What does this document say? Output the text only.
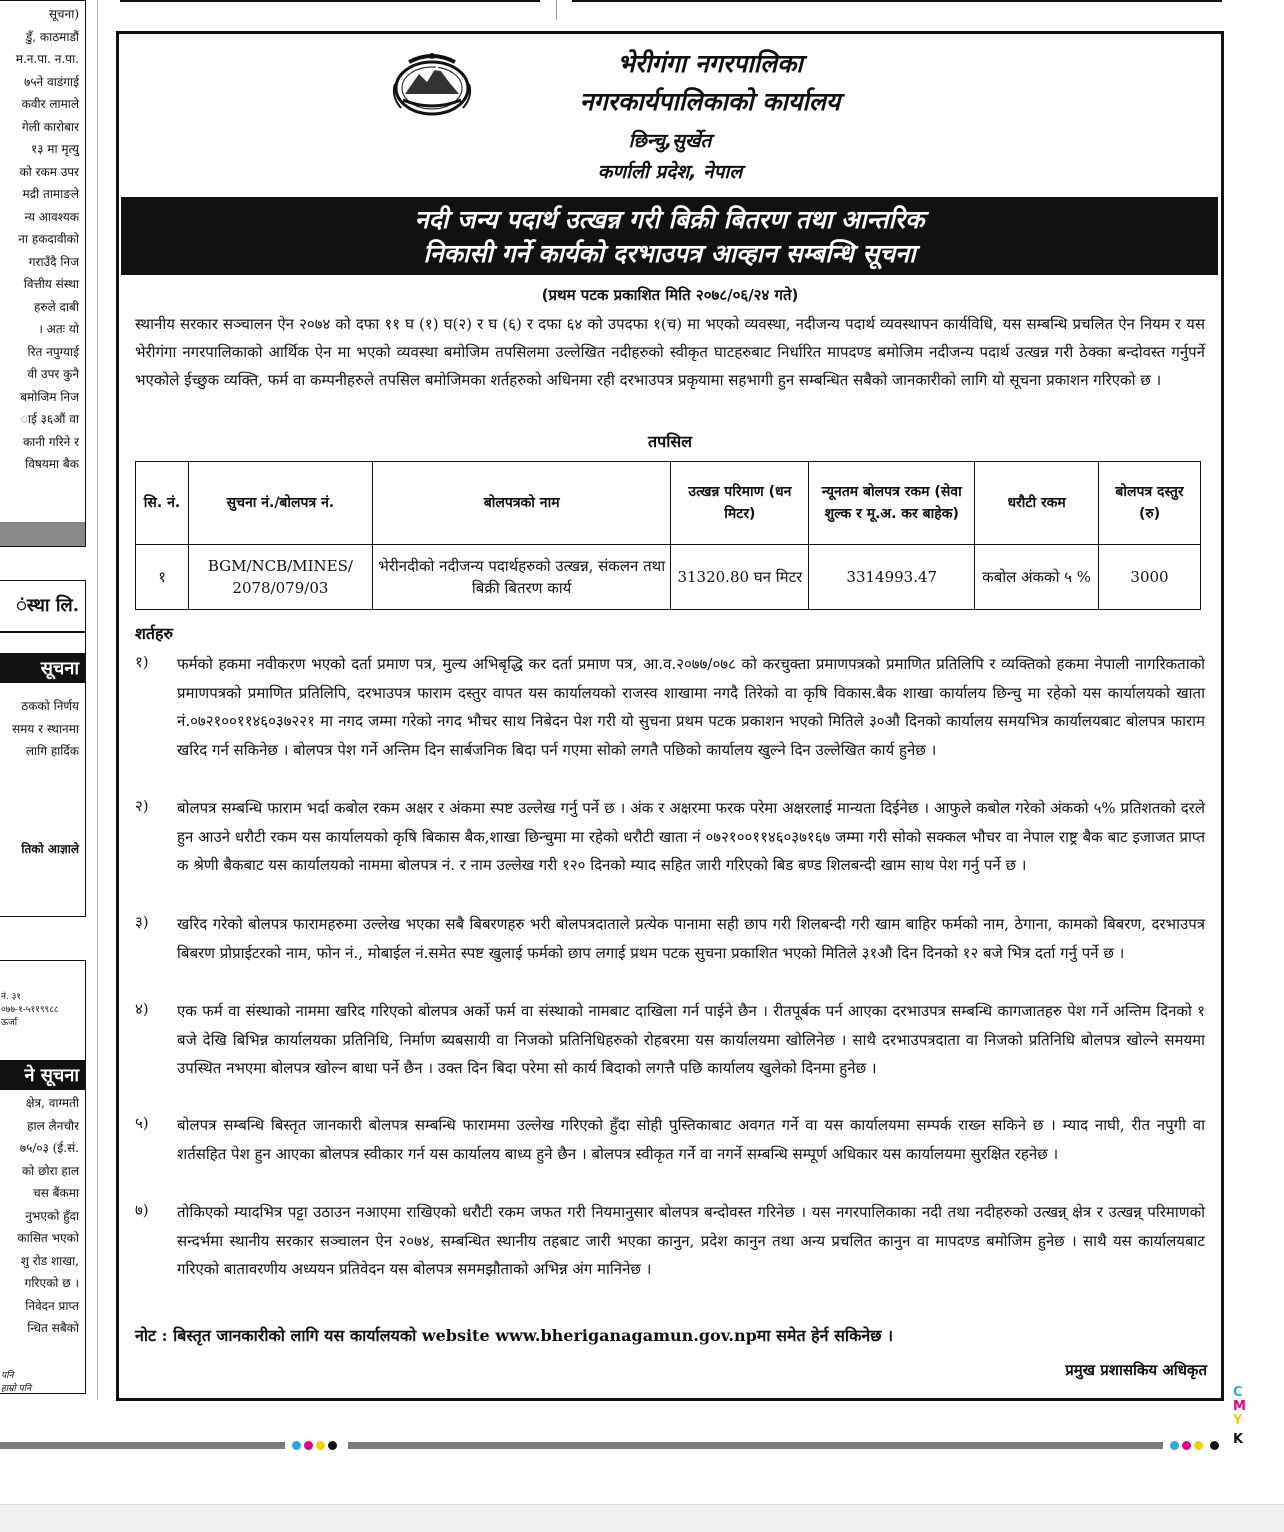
सूचना)
डुँ, काठमाडौं
म.न.पा. न.पा.
७५ने वाडंगाई
कवीर लामाले
गेली कारोबार
१३ मा मृत्यु
को रकम उपर
मद्री तामाङले
न्य आवश्यक
ना हकदावीको
गराउँदै निज
वित्तीय संस्था
हरुले दाबी
। अतः यो
रित नपुग्याई
वी उपर कुनै
बमोजिम निज
ाई ३६औं वा
कानी गरिने र
विषयमा बैक
ंस्था लि.
सूचना
ठकको निर्णय
समय र स्थानमा
लागि हार्दिक
तिको आज्ञाले
नं. ३१
०७७-१-५११९९८८
ऊर्जा
ने सूचना
क्षेत्र, वाग्मती
हाल लैनचौर
७५/०३ (ई.सं.
को छोरा हाल
चस बैंकमा
नुभएको हुँदा
कासित भएको
शु रोड शाखा,
गरिएको छ ।
निवेदन प्राप्त
न्धित सबैको
पनि
हाम्रो पनि
भेरीगंगा नगरपालिका
नगरकार्यपालिकाको कार्यालय
छिन्चु,सुर्खेत
कर्णाली प्रदेश, नेपाल
नदी जन्य पदार्थ उत्खन्न गरी बिक्री बितरण तथा आन्तरिक
निकासी गर्ने कार्यको दरभाउपत्र आव्हान सम्बन्धि सूचना
(प्रथम पटक प्रकाशित मिति २०७८/०६/२४ गते)
स्थानीय सरकार सञ्चालन ऐन २०७४ को दफा ११ घ (१) घ(२) र घ (६) र दफा ६४ को उपदफा १(च) मा भएको व्यवस्था, नदीजन्य पदार्थ व्यवस्थापन कार्यविधि, यस सम्बन्धि प्रचलित ऐन नियम र यस भेरीगंगा नगरपालिकाको आर्थिक ऐन मा भएको व्यवस्था बमोजिम तपसिलमा उल्लेखित नदीहरुको स्वीकृत घाटहरुबाट निर्धारित मापदण्ड बमोजिम नदीजन्य पदार्थ उत्खन्न गरी ठेक्का बन्दोवस्त गर्नुपर्ने भएकोले ईच्छुक व्यक्ति, फर्म वा कम्पनीहरुले तपसिल बमोजिमका शर्तहरुको अधिनमा रही दरभाउपत्र प्रकृयामा सहभागी हुन सम्बन्धित सबैको जानकारीको लागि यो सूचना प्रकाशन गरिएको छ ।
तपसिल
सि. नं.	सुचना नं./बोलपत्र नं.	बोलपत्रको नाम	उत्खन्न परिमाण (धन मिटर)	न्यूनतम बोलपत्र रकम (सेवा शुल्क र मू.अ. कर बाहेक)	धरौटी रकम	बोलपत्र दस्तुर (रु)
१	BGM/NCB/MINES/ 2078/079/03	भेरीनदीको नदीजन्य पदार्थहरुको उत्खन्न, संकलन तथा बिक्री बितरण कार्य	31320.80 घन मिटर	3314993.47	कबोल अंकको ५ %	3000
शर्तहरु
१) फर्मको हकमा नवीकरण भएको दर्ता प्रमाण पत्र, मुल्य अभिबृद्धि कर दर्ता प्रमाण पत्र, आ.व.२०७७/०७८ को करचुक्ता प्रमाणपत्रको प्रमाणित प्रतिलिपि र व्यक्तिको हकमा नेपाली नागरिकताको प्रमाणपत्रको प्रमाणित प्रतिलिपि, दरभाउपत्र फाराम दस्तुर वापत यस कार्यालयको राजस्व शाखामा नगदै तिरेको वा कृषि विकास.बैक शाखा कार्यालय छिन्चु मा रहेको यस कार्यालयको खाता नं.०७२१००११४६०३७२२१ मा नगद जम्मा गरेको नगद भौचर साथ निबेदन पेश गरी यो सुचना प्रथम पटक प्रकाशन भएको मितिले ३०औ दिनको कार्यालय समयभित्र कार्यालयबाट बोलपत्र फाराम खरिद गर्न सकिनेछ । बोलपत्र पेश गर्ने अन्तिम दिन सार्बजनिक बिदा पर्न गएमा सोको लगतै पछिको कार्यालय खुल्ने दिन उल्लेखित कार्य हुनेछ ।
२) बोलपत्र सम्बन्धि फाराम भर्दा कबोल रकम अक्षर र अंकमा स्पष्ट उल्लेख गर्नु पर्ने छ । अंक र अक्षरमा फरक परेमा अक्षरलाई मान्यता दिईनेछ । आफुले कबोल गरेको अंकको ५% प्रतिशतको दरले हुन आउने धरौटी रकम यस कार्यालयको कृषि बिकास बैक,शाखा छिन्चुमा मा रहेको धरौटी खाता नं ०७२१००११४६०३७१६७ जम्मा गरी सोको सक्कल भौचर वा नेपाल राष्ट्र बैक बाट इजाजत प्राप्त क श्रेणी बैकबाट यस कार्यालयको नाममा बोलपत्र नं. र नाम उल्लेख गरी १२० दिनको म्याद सहित जारी गरिएको बिड बण्ड शिलबन्दी खाम साथ पेश गर्नु पर्ने छ ।
३) खरिद गरेको बोलपत्र फारामहरुमा उल्लेख भएका सबै बिबरणहरु भरी बोलपत्रदाताले प्रत्येक पानामा सही छाप गरी शिलबन्दी गरी खाम बाहिर फर्मको नाम, ठेगाना, कामको बिबरण, दरभाउपत्र बिबरण प्रोप्राईटरको नाम, फोन नं., मोबाईल नं.समेत स्पष्ट खुलाई फर्मको छाप लगाई प्रथम पटक सुचना प्रकाशित भएको मितिले ३१औ दिन दिनको १२ बजे भित्र दर्ता गर्नु पर्ने छ ।
४) एक फर्म वा संस्थाको नाममा खरिद गरिएको बोलपत्र अर्को फर्म वा संस्थाको नामबाट दाखिला गर्न पाईने छैन । रीतपूर्बक पर्न आएका दरभाउपत्र सम्बन्धि कागजातहरु पेश गर्ने अन्तिम दिनको १ बजे देखि बिभिन्न कार्यालयका प्रतिनिधि, निर्माण ब्यबसायी वा निजको प्रतिनिधिहरुको रोहबरमा यस कार्यालयमा खोलिनेछ । साथै दरभाउपत्रदाता वा निजको प्रतिनिधि बोलपत्र खोल्ने समयमा उपस्थित नभएमा बोलपत्र खोल्न बाधा पर्ने छैन । उक्त दिन बिदा परेमा सो कार्य बिदाको लगत्तै पछि कार्यालय खुलेको दिनमा हुनेछ ।
५) बोलपत्र सम्बन्धि बिस्तृत जानकारी बोलपत्र सम्बन्धि फाराममा उल्लेख गरिएको हुँदा सोही पुस्तिकाबाट अवगत गर्ने वा यस कार्यालयमा सम्पर्क राख्न सकिने छ । म्याद नाघी, रीत नपुगी वा शर्तसहित पेश हुन आएका बोलपत्र स्वीकार गर्न यस कार्यालय बाध्य हुने छैन । बोलपत्र स्वीकृत गर्ने वा नगर्ने सम्बन्धि सम्पूर्ण अधिकार यस कार्यालयमा सुरक्षित रहनेछ ।
७) तोकिएको म्यादभित्र पट्टा उठाउन नआएमा राखिएको धरौटी रकम जफत गरी नियमानुसार बोलपत्र बन्दोवस्त गरिनेछ । यस नगरपालिकाका नदी तथा नदीहरुको उत्खन्न् क्षेत्र र उत्खन्न् परिमाणको सन्दर्भमा स्थानीय सरकार सञ्चालन ऐन २०७४, सम्बन्धित स्थानीय तहबाट जारी भएका कानुन, प्रदेश कानुन तथा अन्य प्रचलित कानुन वा मापदण्ड बमोजिम हुनेछ । साथै यस कार्यालयबाट गरिएको बातावरणीय अध्ययन प्रतिवेदन यस बोलपत्र सममझौताको अभिन्न अंग मानिनेछ ।
नोट : बिस्तृत जानकारीको लागि यस कार्यालयको website www.bheriganagamun.gov.npमा समेत हेर्न सकिनेछ ।
प्रमुख प्रशासकिय अधिकृत
C
M
Y
K
